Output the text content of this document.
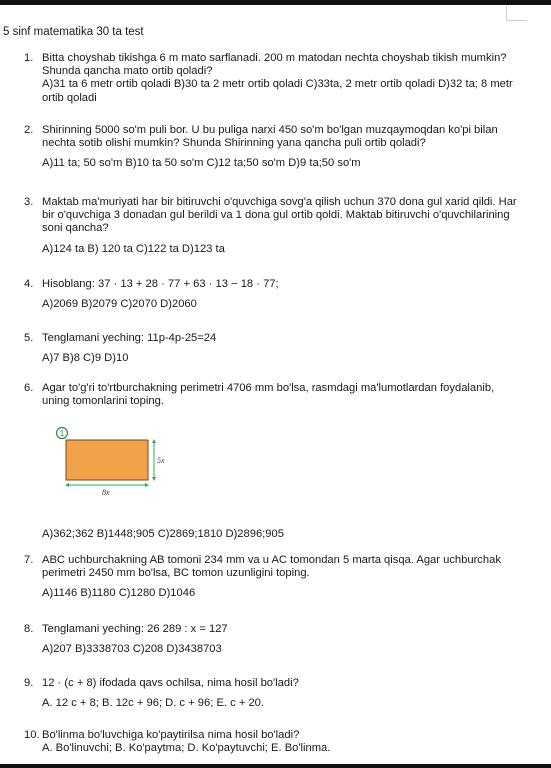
5 sinf matematika 30 ta test
1. Bitta choyshab tikishga 6 m mato sarflanadi. 200 m matodan nechta choyshab tikish mumkin? Shunda qancha mato ortib qoladi?
A)31 ta 6 metr ortib qoladi B)30 ta 2 metr ortib qoladi C)33ta, 2 metr ortib qoladi D)32 ta; 8 metr ortib qoladi
2. Shirinning 5000 so'm puli bor. U bu puliga narxi 450 so'm bo'lgan muzqaymoqdan ko'pi bilan nechta sotib olishi mumkin? Shunda Shirinning yana qancha puli ortib qoladi?
A)11 ta; 50 so'm B)10 ta 50 so'm C)12 ta;50 so'm D)9 ta;50 so'm
3. Maktab ma'muriyati har bir bitiruvchi o'quvchiga sovg'a qilish uchun 370 dona gul xarid qildi. Har bir o'quvchiga 3 donadan gul berildi va 1 dona gul ortib qoldi. Maktab bitiruvchi o'quvchilarining soni qancha?
A)124 ta B) 120 ta C)122 ta D)123 ta
4. Hisoblang: 37 · 13 + 28 · 77 + 63 · 13 − 18 · 77;
A)2069 B)2079 C)2070 D)2060
5. Tenglamani yeching: 11p-4p-25=24
A)7 B)8 C)9 D)10
6. Agar to'g'ri to'rtburchakning perimetri 4706 mm bo'lsa, rasmdagi ma'lumotlardan foydalanib, uning tomonlarini toping.
1
5x
8x
A)362;362 B)1448;905 C)2869;1810 D)2896;905
7. ABC uchburchakning AB tomoni 234 mm va u AC tomondan 5 marta qisqa. Agar uchburchak perimetri 2450 mm bo'lsa, BC tomon uzunligini toping.
A)1146 B)1180 C)1280 D)1046
8. Tenglamani yeching: 26 289 : x = 127
A)207 B)3338703 C)208 D)3438703
9. 12 · (c + 8) ifodada qavs ochilsa, nima hosil bo'ladi?
A. 12 c + 8; B. 12c + 96; D. c + 96; E. c + 20.
10. Bo'linma bo'luvchiga ko'paytirilsa nima hosil bo'ladi?
A. Bo'linuvchi; B. Ko'paytma; D. Ko'paytuvchi; E. Bo'linma.
